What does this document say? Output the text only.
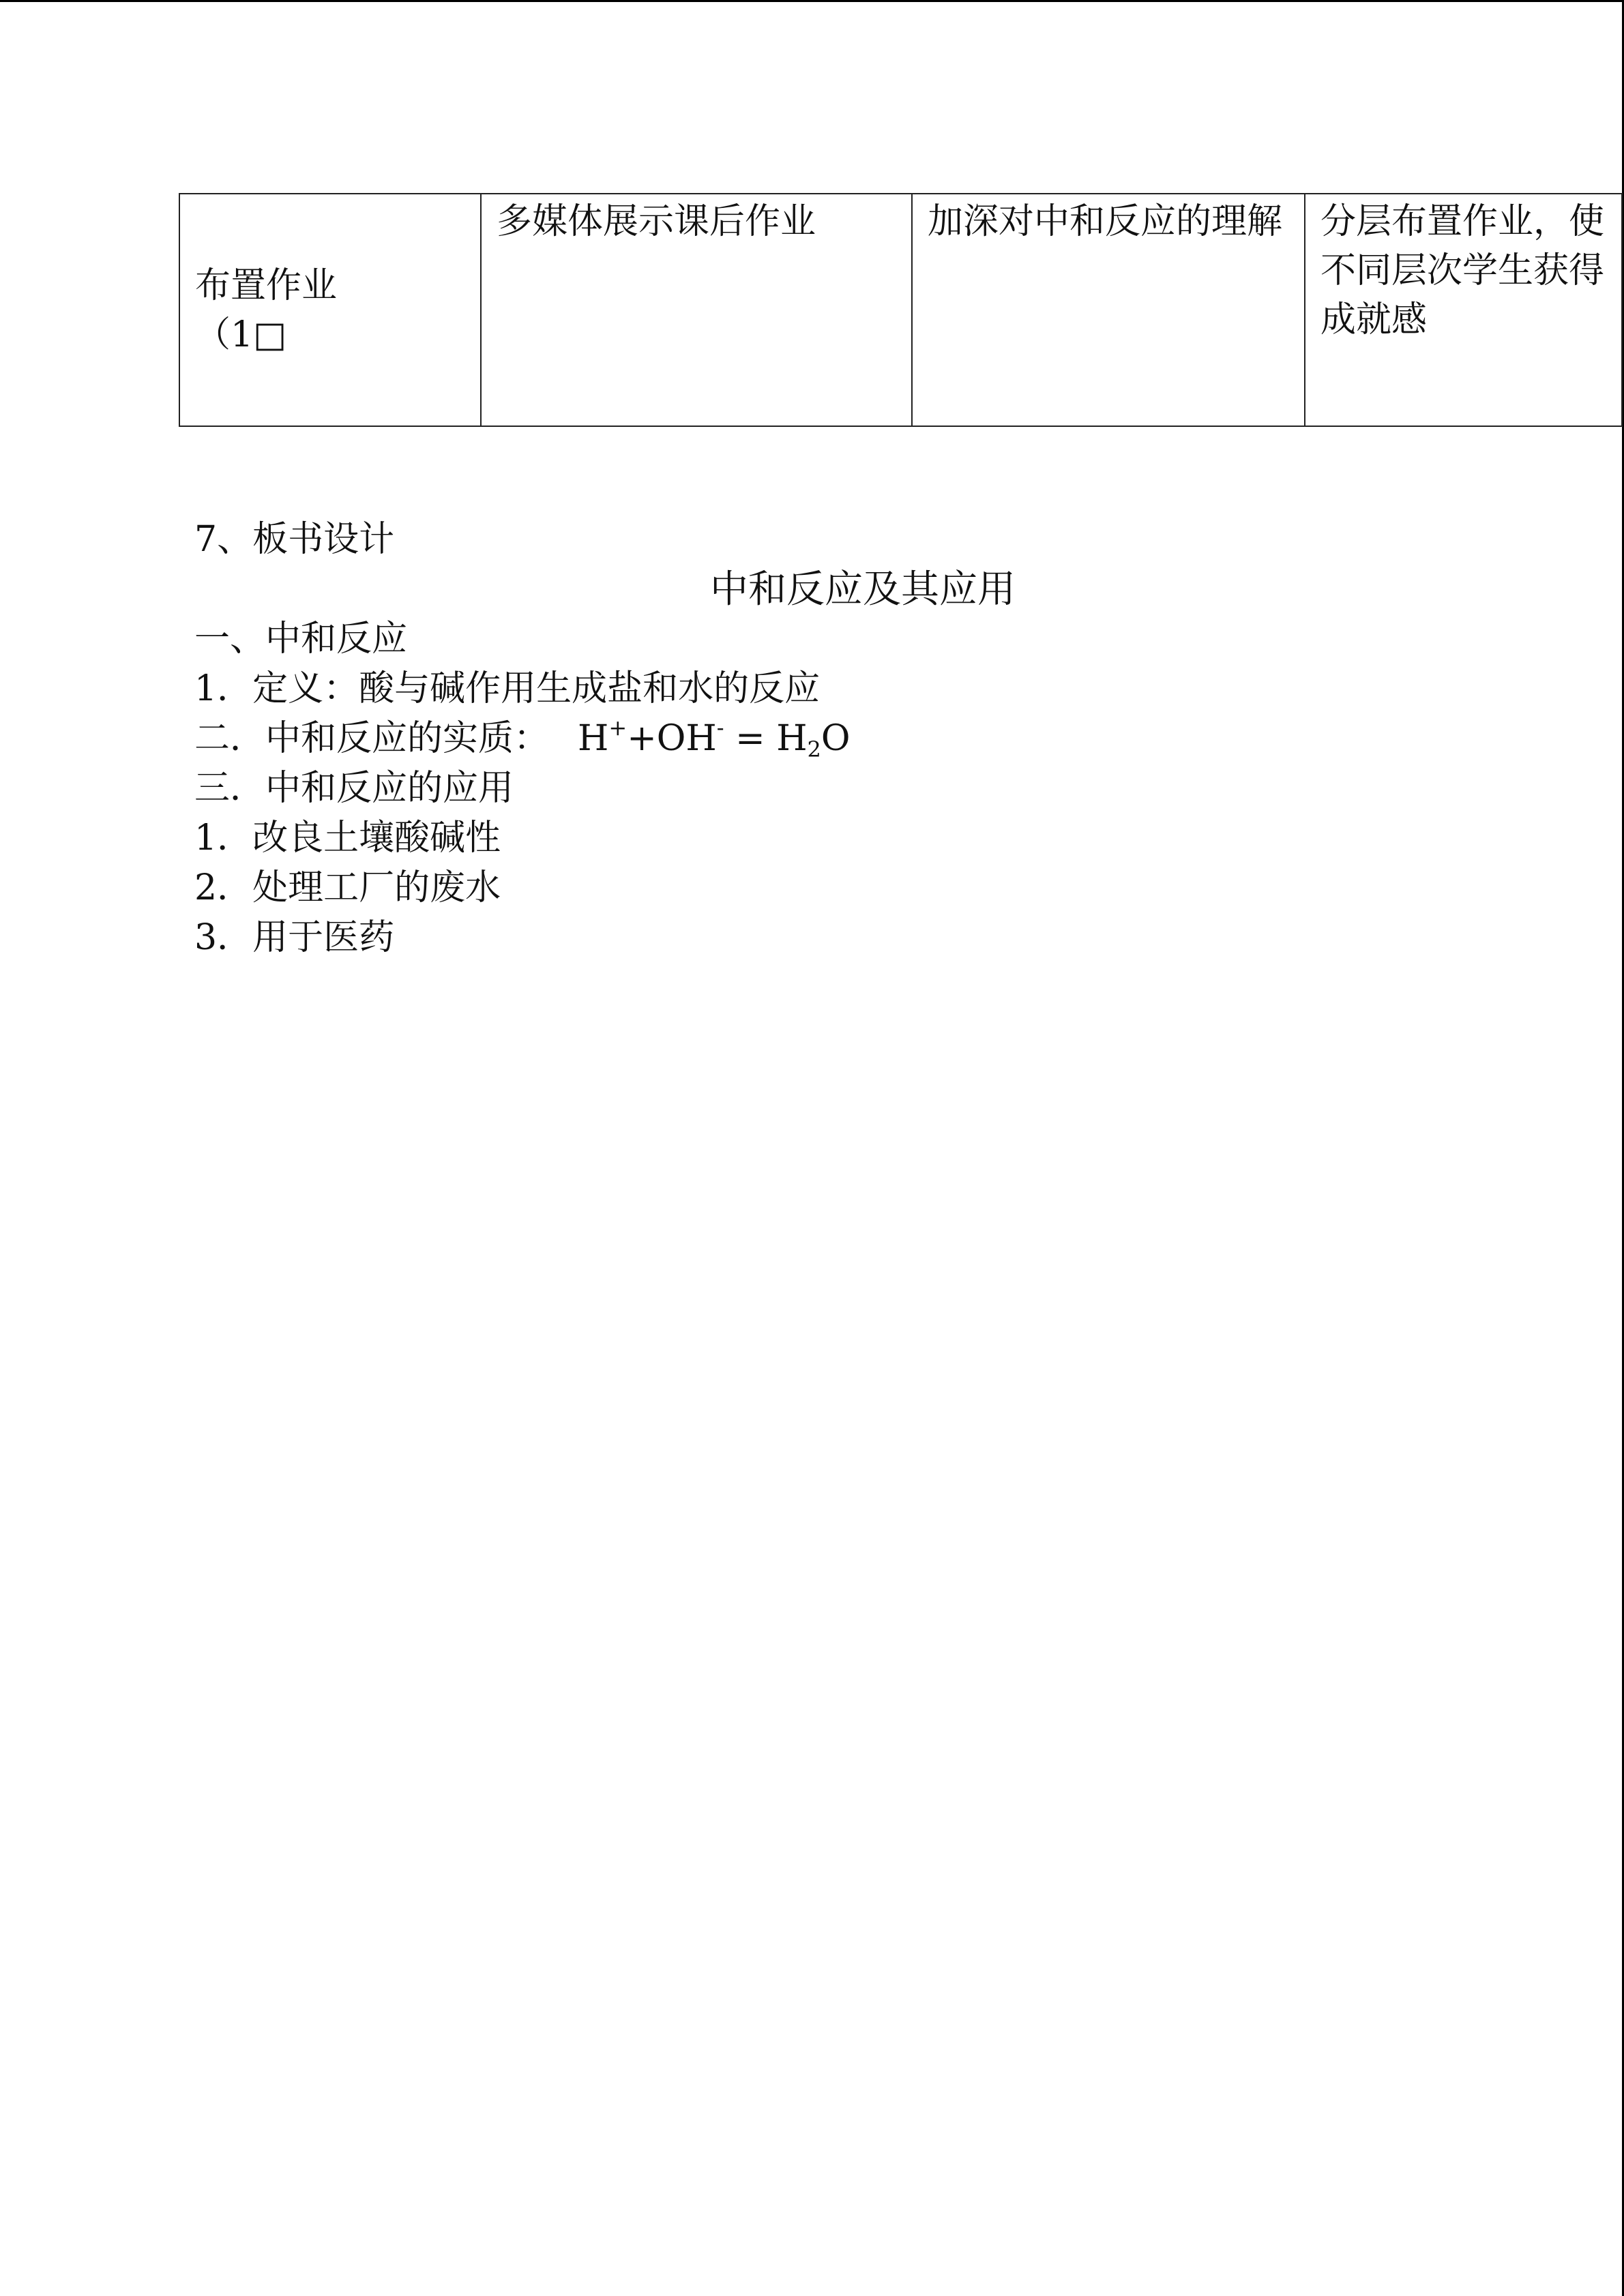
布置作业
（1□
	多媒体展示课后作业	加深对中和反应的理解	分层布置作业，使不同层次学生获得成就感
7、板书设计
中和反应及其应用
一、中和反应
1．定义：酸与碱作用生成盐和水的反应
二．中和反应的实质： $H^++OH^- = H_2O$
三．中和反应的应用
1．改良土壤酸碱性
2．处理工厂的废水
3．用于医药
